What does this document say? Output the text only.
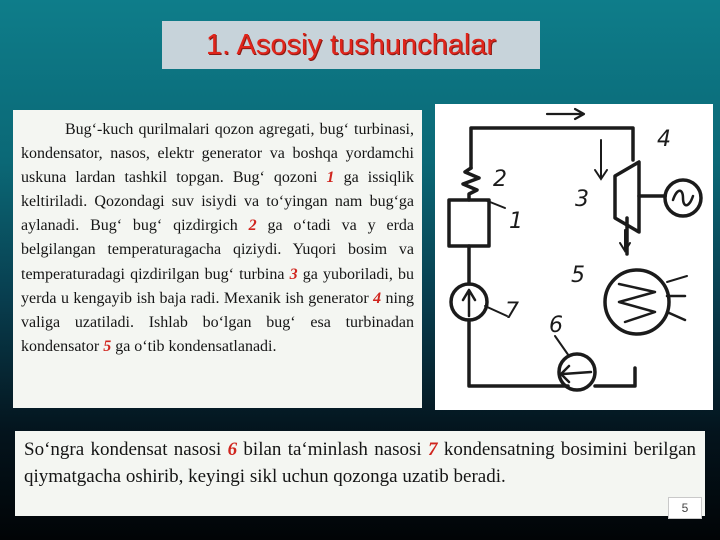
1. Asosiy tushunchalar

Bug‘-kuch qurilmalari qozon agregati, bug‘ turbinasi, kondensator, nasos, elektr generator va boshqa yordamchi uskuna lardan tashkil topgan. Bug‘ qozoni 1 ga issiqlik keltiriladi. Qozondagi suv isiydi va to‘yingan nam bug‘ga aylanadi. Bug‘ bug‘ qizdirgich 2 ga o‘tadi va y erda belgilangan temperaturagacha qiziydi. Yuqori bosim va temperaturadagi qizdirilgan bug‘ turbina 3 ga yuboriladi, bu yerda u kengayib ish baja radi. Mexanik ish generator 4 ning valiga uzatiladi. Ishlab bo‘lgan bug‘ esa turbinadan kondensator 5 ga o‘tib kondensatlanadi.

2
1
3
4
5
6
7

So‘ngra kondensat nasosi 6 bilan ta‘minlash nasosi 7 kondensatning bosimini berilgan qiymatgacha oshirib, keyingi sikl uchun qozonga uzatib beradi.

5
